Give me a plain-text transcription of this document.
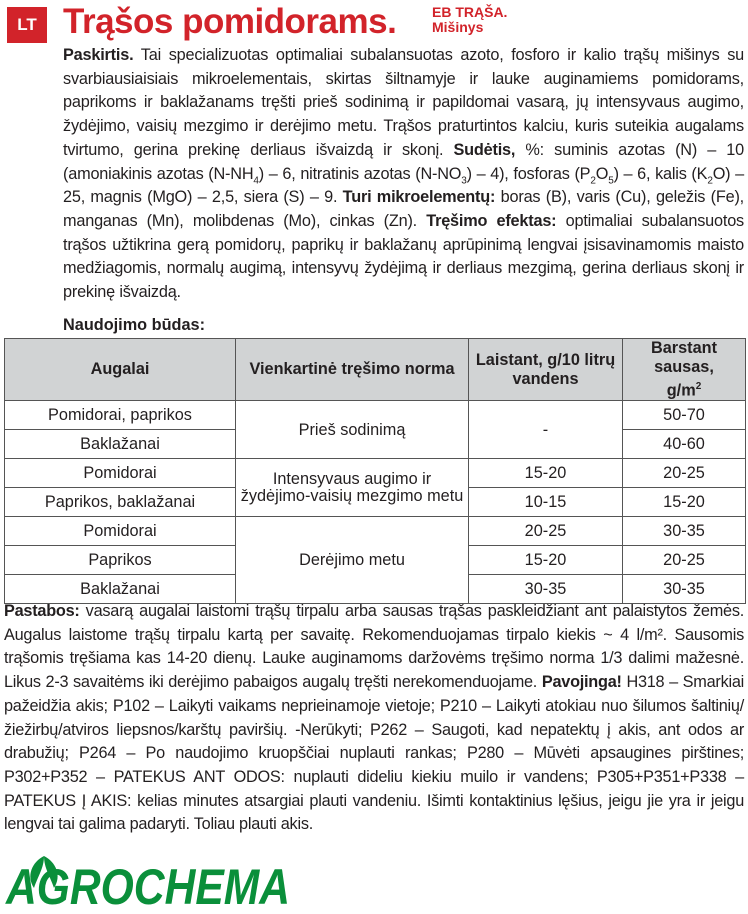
LT Trąšos pomidorams.	EB TRĄŠA.
Mišinys
Paskirtis. Tai specializuotas optimaliai subalansuotas azoto, fosforo ir kalio trąšų mišinys su svarbiausiaisiais mikroelementais, skirtas šiltnamyje ir lauke auginamiems pomidorams, paprikoms ir baklažanams tręšti prieš sodinimą ir papildomai vasarą, jų intensyvaus augimo, žydėjimo, vaisių mezgimo ir derėjimo metu. Trąšos praturtintos kalciu, kuris suteikia augalams tvirtumo, gerina prekinę derliaus išvaizdą ir skonį. Sudėtis, %: suminis azotas (N) – 10 (amoniakinis azotas $(N-NH_4) - 6$, nitratinis azotas $(N-NO_3) - 4$), fosforas $(P_2O_5) - 6$, kalis $(K_2O) - 25$, magnis (MgO) – 2,5, siera (S) – 9. Turi mikroelementų: boras (B), varis (Cu), geležis (Fe), manganas (Mn), molibdenas (Mo), cinkas (Zn). Tręšimo efektas: optimaliai subalansuotos trąšos užtikrina gerą pomidorų, paprikų ir baklažanų aprūpinimą lengvai įsisavinamomis maisto medžiagomis, normalų augimą, intensyvų žydėjimą ir derliaus mezgimą, gerina derliaus skonį ir prekinę išvaizdą.
Naudojimo būdas:
Augalai	Vienkartinė tręšimo norma	Laistant, g/10 litrų vandens	Barstant sausas,
$g/m^2$
Pomidorai, paprikos	Prieš sodinimą	-	50-70
Baklažanai			40-60
Pomidorai	Intensyvaus augimo ir žydėjimo-vaisių mezgimo metu	15-20	20-25
Paprikos, baklažanai		10-15	15-20
Pomidorai	Derėjimo metu	20-25	30-35
Paprikos		15-20	20-25
Baklažanai		30-35	30-35
Pastabos: vasarą augalai laistomi trąšų tirpalu arba sausas trąšas paskleidžiant ant palaistytos žemės. Augalus laistome trąšų tirpalu kartą per savaitę. Rekomenduojamas tirpalo kiekis ~ 4 l/m². Sausomis trąšomis tręšiama kas 14-20 dienų. Lauke auginamoms daržovėms tręšimo norma 1/3 dalimi mažesnė. Likus 2-3 savaitėms iki derėjimo pabaigos augalų tręšti nerekomenduojame. Pavojinga! H318 – Smarkiai pažeidžia akis; P102 – Laikyti vaikams neprieinamoje vietoje; P210 – Laikyti atokiau nuo šilumos šaltinių/žiežirbų/atviros liepsnos/karštų paviršių. -Nerūkyti; P262 – Saugoti, kad nepatektų į akis, ant odos ar drabužių; P264 – Po naudojimo kruopščiai nuplauti rankas; P280 – Mūvėti apsaugines pirštines; P302+P352 – PATEKUS ANT ODOS: nuplauti dideliu kiekiu muilo ir vandens; P305+P351+P338 – PATEKUS Į AKIS: kelias minutes atsargiai plauti vandeniu. Išimti kontaktinius lęšius, jeigu jie yra ir jeigu lengvai tai galima padaryti. Toliau plauti akis.
AGROCHEMA
